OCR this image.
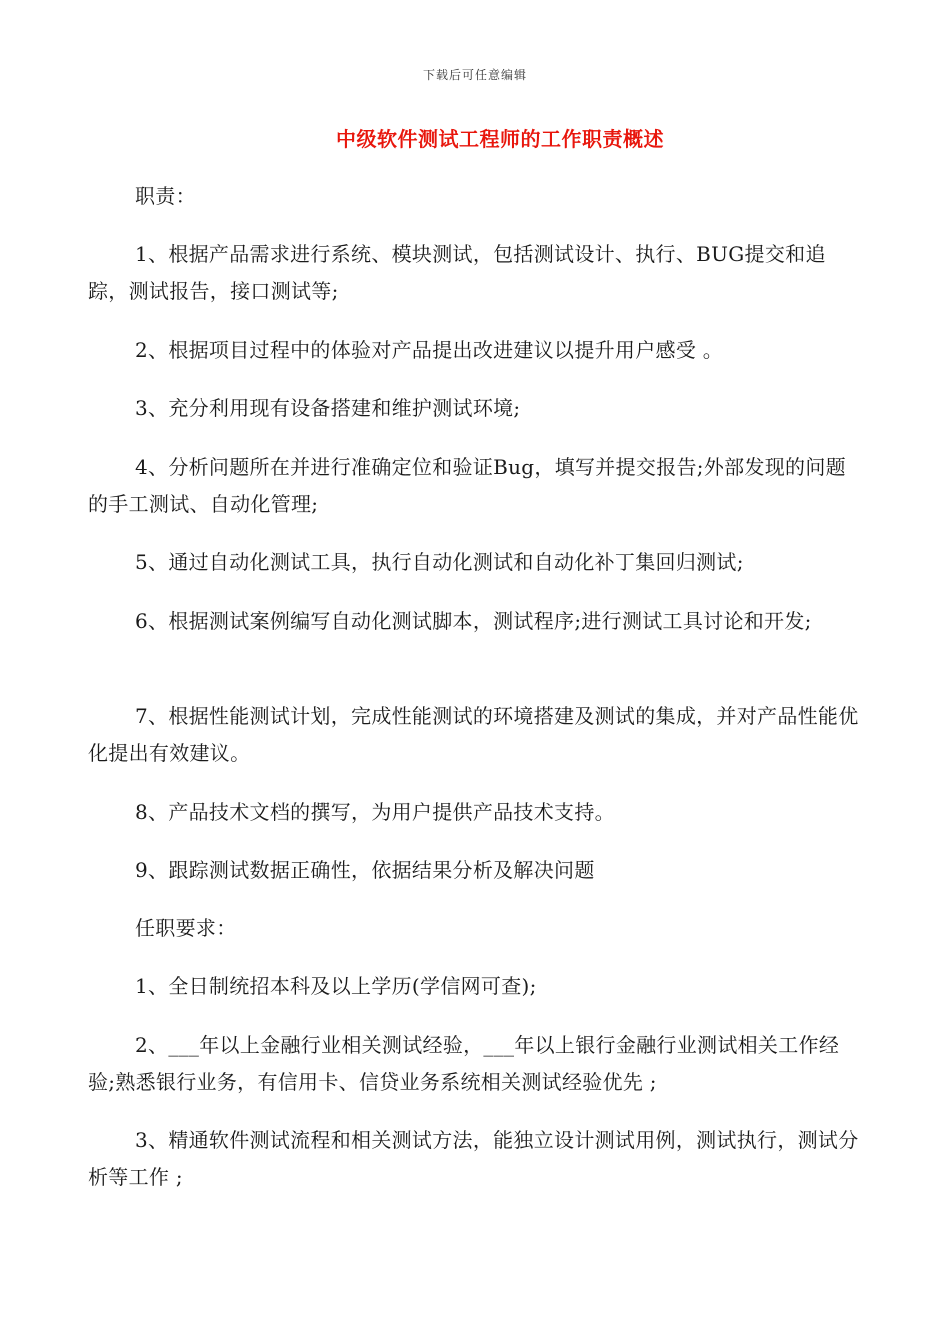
下载后可任意编辑
中级软件测试工程师的工作职责概述

职责：

1、根据产品需求进行系统、模块测试，包括测试设计、执行、BUG提交和追踪，测试报告，接口测试等;

2、根据项目过程中的体验对产品提出改进建议以提升用户感受 。

3、充分利用现有设备搭建和维护测试环境;

4、分析问题所在并进行准确定位和验证Bug，填写并提交报告;外部发现的问题的手工测试、自动化管理;

5、通过自动化测试工具，执行自动化测试和自动化补丁集回归测试;

6、根据测试案例编写自动化测试脚本，测试程序;进行测试工具讨论和开发;

7、根据性能测试计划，完成性能测试的环境搭建及测试的集成，并对产品性能优化提出有效建议。

8、产品技术文档的撰写，为用户提供产品技术支持。

9、跟踪测试数据正确性，依据结果分析及解决问题

任职要求：

1、全日制统招本科及以上学历(学信网可查);

2、___年以上金融行业相关测试经验，___年以上银行金融行业测试相关工作经验;熟悉银行业务，有信用卡、信贷业务系统相关测试经验优先 ;

3、精通软件测试流程和相关测试方法，能独立设计测试用例，测试执行，测试分析等工作 ;
